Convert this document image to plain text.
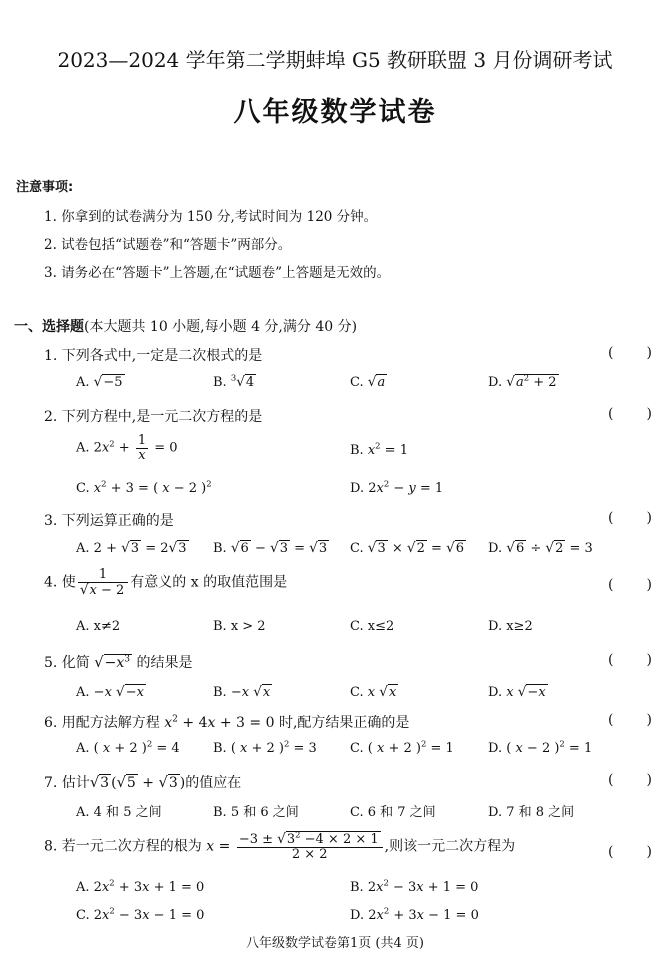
2023—2024 学年第二学期蚌埠 G5 教研联盟 3 月份调研考试
八年级数学试卷
注意事项:
1. 你拿到的试卷满分为 150 分,考试时间为 120 分钟。
2. 试卷包括“试题卷”和“答题卡”两部分。
3. 请务必在“答题卡”上答题,在“试题卷”上答题是无效的。
一、选择题(本大题共 10 小题,每小题 4 分,满分 40 分)
1. 下列各式中,一定是二次根式的是	( )
A. √−5	B. $^3$√4	C. √a	D. $√a^2 + 2$
2. 下列方程中,是一元二次方程的是	( )
A. $2x^2 + \frac{1}{x} = 0$	B. $x^2 = 1$
C. $x^2 + 3$ = ( x − 2 )$^2$	D. $2x^2 - y = 1$
3. 下列运算正确的是	( )
A. 2 + √3 = 2√3 B. √6 − √3 = √3 C. √3 × √2 = √6 D. √6 ÷ √2 = 3
4. 使 $\frac{1}{√x - 2}$ 有意义的 x 的取值范围是	( )
A. x≠2	B. x > 2	C. x≤2	D. x≥2
5. 化简 $√-x^3$ 的结果是	( )
A. −x √−x	B. −x √x	C. x √x	D. x √−x
6. 用配方法解方程 $x^2 + 4x + 3 = 0$ 时,配方结果正确的是	( )
A. ( x + 2 )$^2$ = 4	B. ( x + 2 )$^2$ = 3	C. ( x + 2 )$^2$ = 1	D. ( x − 2 )$^2$ = 1
7. 估计√3 (√5 + √3 )的值应在	( )
A. 4 和 5 之间	B. 5 和 6 之间	C. 6 和 7 之间	D. 7 和 8 之间
8. 若一元二次方程的根为 $x = \frac{-3 \pm √3^2 -4 \times 2 \times 1}{2 \times 2}$ ,则该一元二次方程为	( )
A. $2x^2 + 3x + 1 = 0$	B. $2x^2 - 3x + 1 = 0$
C. $2x^2 - 3x - 1 = 0$	D. $2x^2 + 3x - 1 = 0$
八年级数学试卷第1页 (共4 页)
